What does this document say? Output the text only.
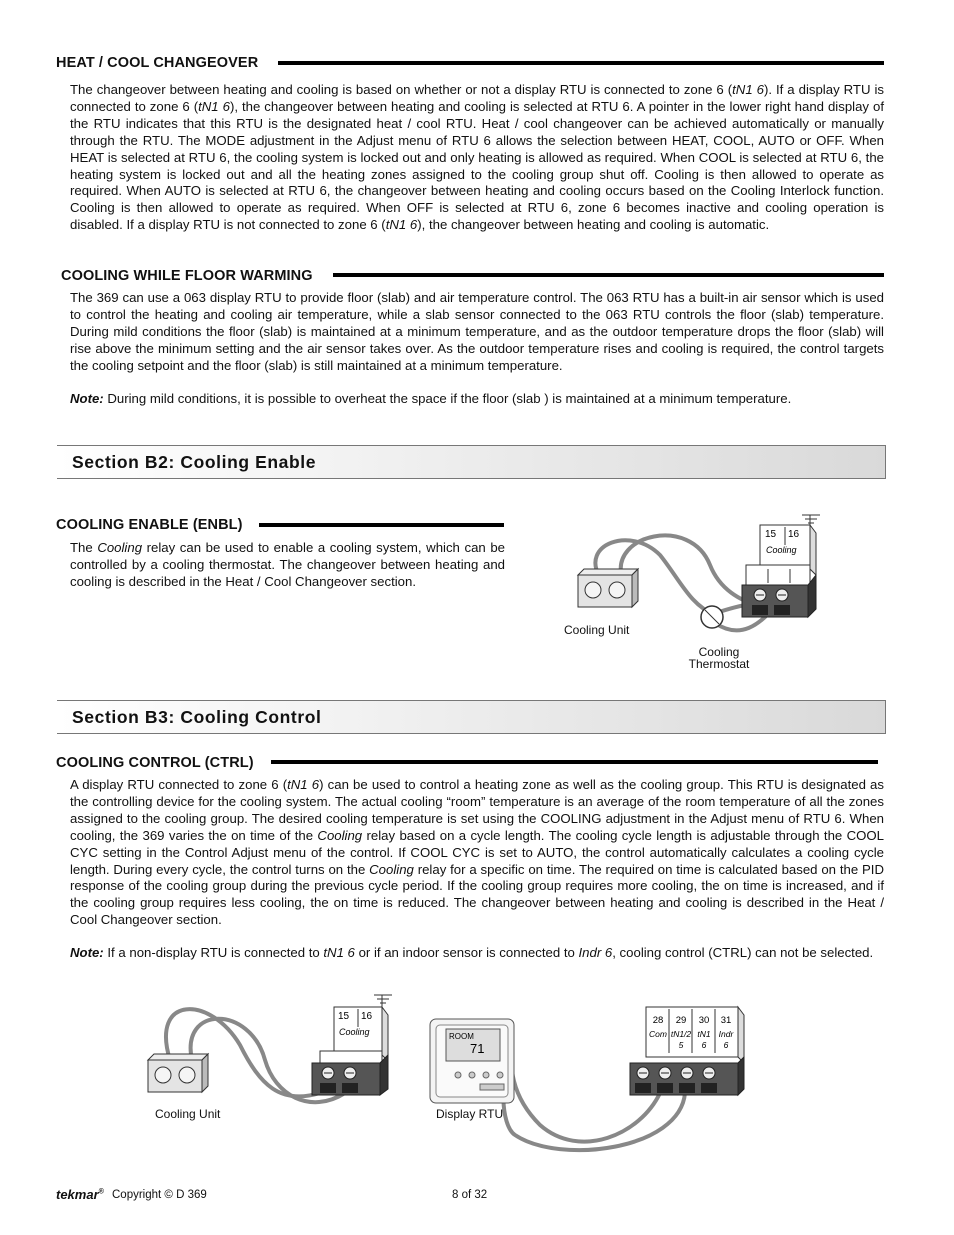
HEAT / COOL CHANGEOVER

The changeover between heating and cooling is based on whether or not a display RTU is connected to zone 6 (tN1 6). If a display RTU is connected to zone 6 (tN1 6), the changeover between heating and cooling is selected at RTU 6. A pointer in the lower right hand display of the RTU indicates that this RTU is the designated heat / cool RTU. Heat / cool changeover can be achieved automatically or manually through the RTU. The MODE adjustment in the Adjust menu of RTU 6 allows the selection between HEAT, COOL, AUTO or OFF. When HEAT is selected at RTU 6, the cooling system is locked out and only heating is allowed as required. When COOL is selected at RTU 6, the heating system is locked out and all the heating zones assigned to the cooling group shut off. Cooling is then allowed to operate as required. When AUTO is selected at RTU 6, the changeover between heating and cooling occurs based on the Cooling Interlock function. Cooling is then allowed to operate as required. When OFF is selected at RTU 6, zone 6 becomes inactive and cooling operation is disabled. If a display RTU is not connected to zone 6 (tN1 6), the changeover between heating and cooling is automatic.

COOLING WHILE FLOOR WARMING

The 369 can use a 063 display RTU to provide floor (slab) and air temperature control. The 063 RTU has a built-in air sensor which is used to control the heating and cooling air temperature, while a slab sensor connected to the 063 RTU controls the floor (slab) temperature. During mild conditions the floor (slab) is maintained at a minimum temperature, and as the outdoor temperature drops the floor (slab) will rise above the minimum setting and the air sensor takes over. As the outdoor temperature rises and cooling is required, the control targets the cooling setpoint and the floor (slab) is still maintained at a minimum temperature.

Note: During mild conditions, it is possible to overheat the space if the floor (slab ) is maintained at a minimum temperature.

Section B2: Cooling Enable
COOLING ENABLE (ENBL)

The Cooling relay can be used to enable a cooling system, which can be controlled by a cooling thermostat. The changeover between heating and cooling is described in the Heat / Cool Changeover section.

15 16
Cooling
Cooling Unit
Cooling
Thermostat
Section B3: Cooling Control
COOLING CONTROL (CTRL)

A display RTU connected to zone 6 (tN1 6) can be used to control a heating zone as well as the cooling group. This RTU is designated as the controlling device for the cooling system. The actual cooling “room” temperature is an average of the room temperature of all the zones assigned to the cooling group. The desired cooling temperature is set using the COOLING adjustment in the Adjust menu of RTU 6. When cooling, the 369 varies the on time of the Cooling relay based on a cycle length. The cooling cycle length is adjustable through the COOL CYC setting in the Control Adjust menu of the control. If COOL CYC is set to AUTO, the control automatically calculates a cooling cycle length. During every cycle, the control turns on the Cooling relay for a specific on time. The required on time is calculated based on the PID response of the cooling group during the previous cycle period. If the cooling group requires more cooling, the on time is increased, and if the cooling group requires less cooling, the on time is reduced. The changeover between heating and cooling is described in the Heat / Cool Changeover section.

Note: If a non-display RTU is connected to tN1 6 or if an indoor sensor is connected to Indr 6, cooling control (CTRL) can not be selected.

15 16
Cooling	ROOM
71
28
Com
29
tN1/2
5
30
tN1
6
31
Indr
6
Cooling Unit	Display RTU
tekmar® Copyright © D 369	8 of 32
